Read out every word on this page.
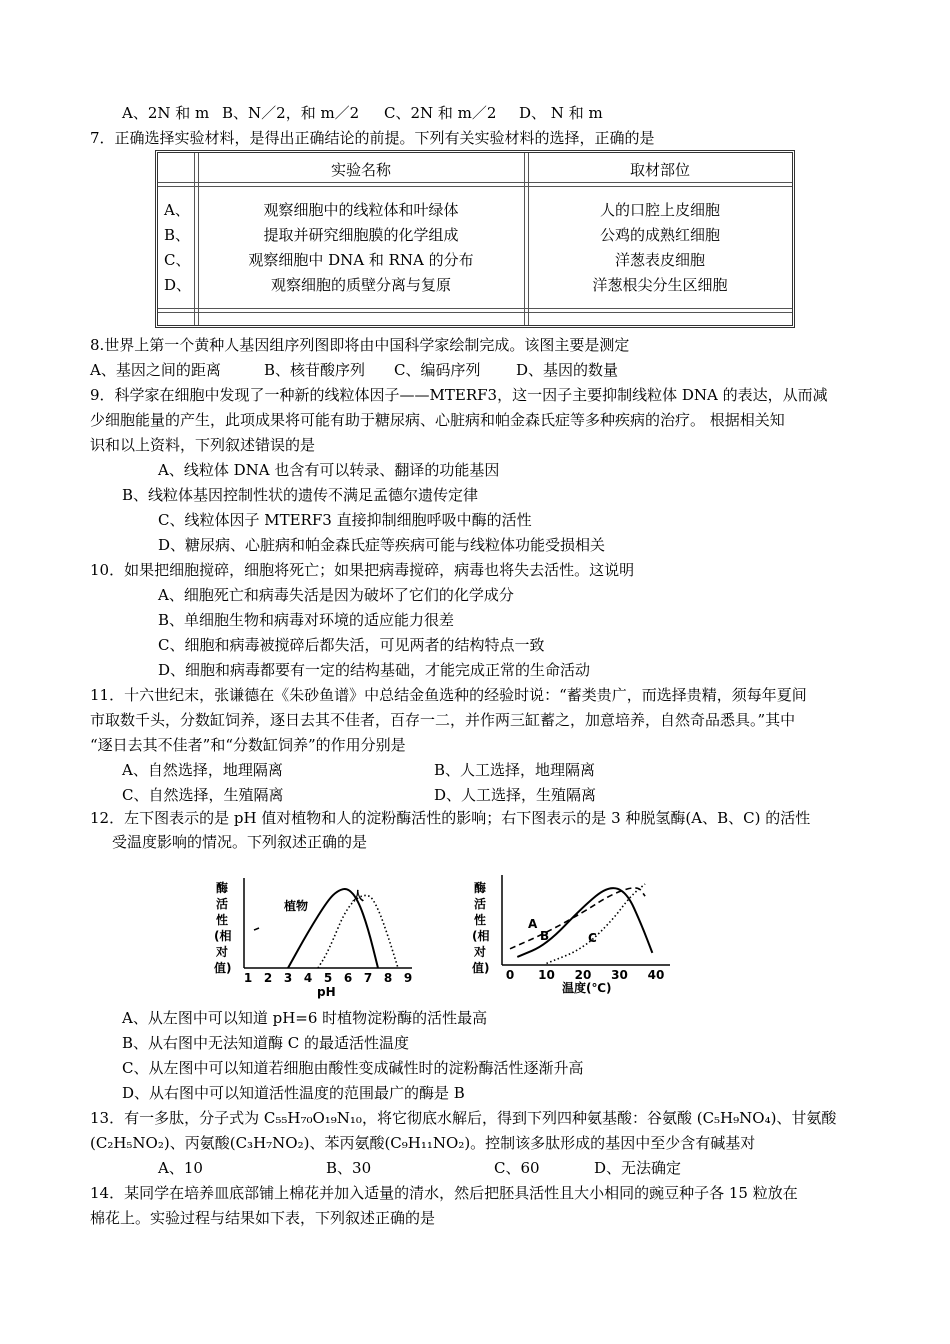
A、2N 和 m B、N／2，和 m／2 C、2N 和 m／2 D、 N 和 m
7．正确选择实验材料，是得出正确结论的前提。下列有关实验材料的选择，正确的是
实验名称	取材部位
A、	观察细胞中的线粒体和叶绿体	人的口腔上皮细胞
B、	提取并研究细胞膜的化学组成	公鸡的成熟红细胞
C、	观察细胞中 DNA 和 RNA 的分布	洋葱表皮细胞
D、	观察细胞的质壁分离与复原	洋葱根尖分生区细胞
8.世界上第一个黄种人基因组序列图即将由中国科学家绘制完成。该图主要是测定
A、基因之间的距离	B、核苷酸序列 C、编码序列 D、基因的数量
9．科学家在细胞中发现了一种新的线粒体因子——MTERF3，这一因子主要抑制线粒体 DNA 的表达，从而减
少细胞能量的产生，此项成果将可能有助于糖尿病、心脏病和帕金森氏症等多种疾病的治疗。 根据相关知
识和以上资料，下列叙述错误的是
A、线粒体 DNA 也含有可以转录、翻译的功能基因
B、线粒体基因控制性状的遗传不满足孟德尔遗传定律
C、线粒体因子 MTERF3 直接抑制细胞呼吸中酶的活性
D、糖尿病、心脏病和帕金森氏症等疾病可能与线粒体功能受损相关
10．如果把细胞搅碎，细胞将死亡；如果把病毒搅碎，病毒也将失去活性。这说明
A、细胞死亡和病毒失活是因为破坏了它们的化学成分
B、单细胞生物和病毒对环境的适应能力很差
C、细胞和病毒被搅碎后都失活，可见两者的结构特点一致
D、细胞和病毒都要有一定的结构基础，才能完成正常的生命活动
11．十六世纪末，张谦德在《朱砂鱼谱》中总结金鱼选种的经验时说：“蓄类贵广，而选择贵精，须每年夏间
市取数千头，分数缸饲养，逐日去其不佳者，百存一二，并作两三缸蓄之，加意培养，自然奇品悉具。”其中
“逐日去其不佳者”和“分数缸饲养”的作用分别是
A、自然选择，地理隔离	B、人工选择，地理隔离
C、自然选择，生殖隔离	D、人工选择，生殖隔离
12．左下图表示的是 pH 值对植物和人的淀粉酶活性的影响；右下图表示的是 3 种脱氢酶(A、B、C) 的活性
受温度影响的情况。下列叙述正确的是
酶
活
性
(相
对
值)
1 2 3 4 5 6 7 8 9
pH
植物
人
酶
活
性
(相
对
值) 0 10 20 30 40
温度(℃)
A
B	C
A、从左图中可以知道 pH=6 时植物淀粉酶的活性最高
B、从右图中无法知道酶 C 的最适活性温度
C、从左图中可以知道若细胞由酸性变成碱性时的淀粉酶活性逐渐升高
D、从右图中可以知道活性温度的范围最广的酶是 B
13．有一多肽，分子式为 C₅₅H₇₀O₁₉N₁₀，将它彻底水解后，得到下列四种氨基酸：谷氨酸 (C₅H₉NO₄)、甘氨酸
(C₂H₅NO₂)、丙氨酸(C₃H₇NO₂)、苯丙氨酸(C₉H₁₁NO₂)。控制该多肽形成的基因中至少含有碱基对
A、10	B、30	C、60	D、无法确定
14．某同学在培养皿底部铺上棉花并加入适量的清水，然后把胚具活性且大小相同的豌豆种子各 15 粒放在
棉花上。实验过程与结果如下表，下列叙述正确的是
